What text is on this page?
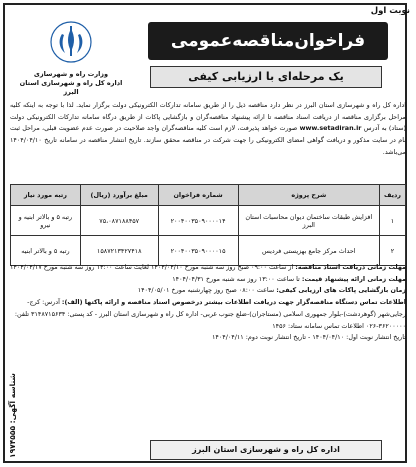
نوبت اول
وزارت راه و شهرسازی
اداره کل راه و شهرسازی استان البرز
فراخوان‌مناقصه‌عمومی
یک مرحله‌ای با ارزیابی کیفی
اداره کل راه و شهرسازی استان البرز در نظر دارد مناقصه ذیل را از طریق سامانه تدارکات الکترونیکی دولت برگزار نماید. لذا با توجه به اینکه کلیه مراحل برگزاری مناقصه از دریافت اسناد مناقصه تا ارائه پیشنهاد مناقصه‌گران و بازگشایی پاکات از طریق درگاه سامانه تدارکات الکترونیکی دولت (ستاد) به آدرس www.setadiran.ir صورت خواهد پذیرفت، لازم است کلیه مناقصه‌گران واجد صلاحیت در صورت عدم عضویت قبلی، مراحل ثبت نام در سایت مذکور و دریافت گواهی امضای الکترونیکی را جهت شرکت در مناقصه محقق سازند. تاریخ انتشار مناقصه در سامانه تاریخ ۱۴۰۴/۰۴/۱۰ می‌باشد.
ردیف	شرح پروژه	شماره فراخوان	مبلغ برآورد (ریال)	رتبه مورد نیاز
۱	افزایش طبقات ساختمان دیوان محاسبات استان البرز	۲۰۰۴۰۰۳۵۰۹۰۰۰۰۱۴	۷۵،۰۸۷۱۸۸۴۵۷	رتبه ۵ و بالاتر ابنیه و نیرو
۲	احداث مرکز جامع بهزیستی فردیس	۲۰۰۴۰۰۳۵۰۹۰۰۰۰۱۵	۱۵۸۷۲۱۳۴۲۷۴۱۸	رتبه ۵ و بالاتر ابنیه

مهلت زمانی دریافت اسناد مناقصه: از ساعت ۰۹:۰۰ صبح روز سه شنبه مورخ ۱۴۰۴/۰۴/۱۰ لغایت ساعت ۱۳:۰۰ روز سه شنبه مورخ ۱۴۰۴/۰۴/۱۷

مهلت زمانی ارائه پیشنهاد قیمت: تا ساعت ۱۳:۰۰ روز سه شنبه مورخ ۱۴۰۴/۰۴/۳۱

زمان بازگشایی پاکات های ارزیابی کیفی: ساعت ۰۸:۰۰ صبح روز چهارشنبه مورخ ۱۴۰۴/۰۵/۰۱

اطلاعات تماس دستگاه مناقصه‌گزار جهت دریافت اطلاعات بیشتر درخصوص اسناد مناقصه و ارائه پاکتها (الف): آدرس: کرج-رجایی‌شهر (گوهردشت)-بلوار جمهوری اسلامی (مستاجران)-ضلع جنوب غربی- اداره کل راه و شهرسازی استان البرز - کد پستی: ۳۱۴۸۷۱۵۶۳۴ تلفن: ۳۶۲۰۰۰۰۰-۰۲۶ اطلاعات تماس سامانه ستاد: ۱۴۵۶

تاریخ انتشار نوبت اول: ۱۴۰۴/۰۴/۱۰ - تاریخ انتشار نوبت دوم: ۱۴۰۴/۰۴/۱۱

شناسه آگهی: ۱۹۷۴۵۵۵
اداره کل راه و شهرسازی استان البرز
